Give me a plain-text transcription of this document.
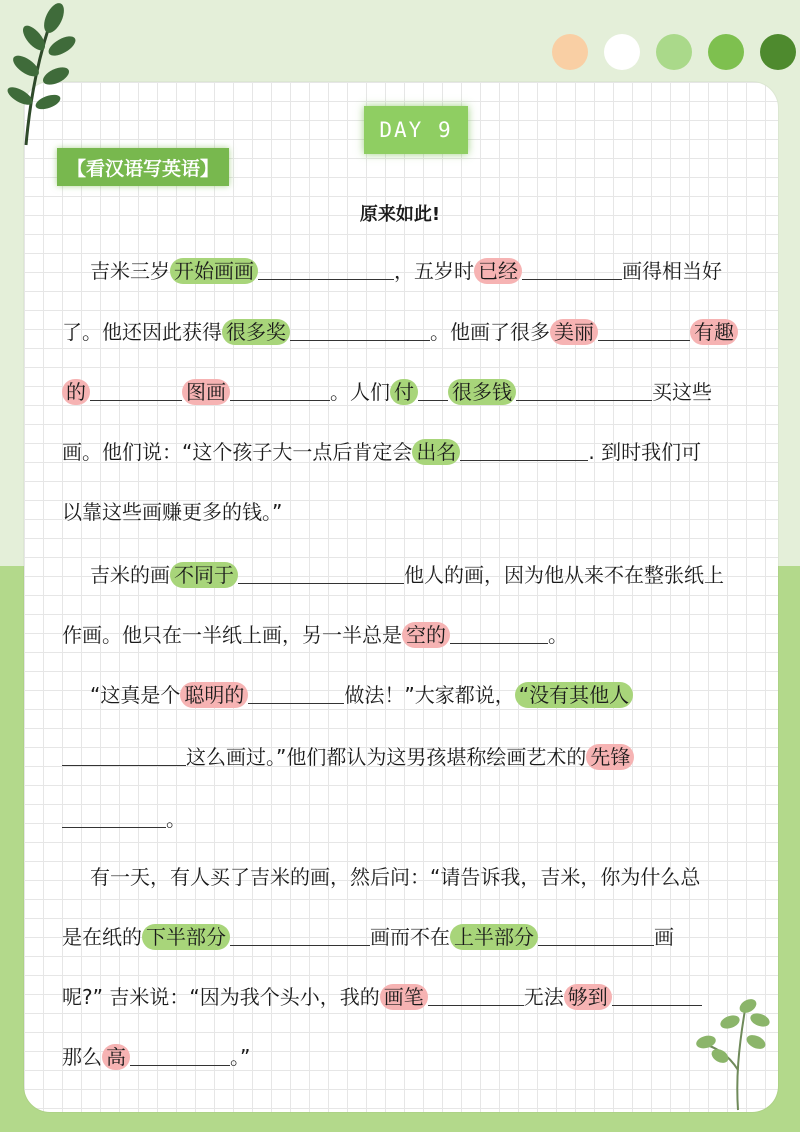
DAY 9
【看汉语写英语】
原来如此!
吉米三岁 开始画画	，五岁时 已经	画得相当好
了。他还因此获得 很多奖	。他画了很多 美丽	有趣
的	图画	。人们 付 很多钱	买这些
画。他们说：“这个孩子大一点后肯定会 出名	. 到时我们可
以靠这些画赚更多的钱。”
吉米的画 不同于	他人的画，因为他从来不在整张纸上
作画。他只在一半纸上画，另一半总是 空的	。
“这真是个 聪明的	做法！”大家都说， “没有其他人
这么画过。”他们都认为这男孩堪称绘画艺术的 先锋
。
有一天，有人买了吉米的画，然后问：“请告诉我，吉米，你为什么总
是在纸的 下半部分	画而不在 上半部分	画
呢?” 吉米说：“因为我个头小，我的 画笔	无法 够到
那么 高	。”
